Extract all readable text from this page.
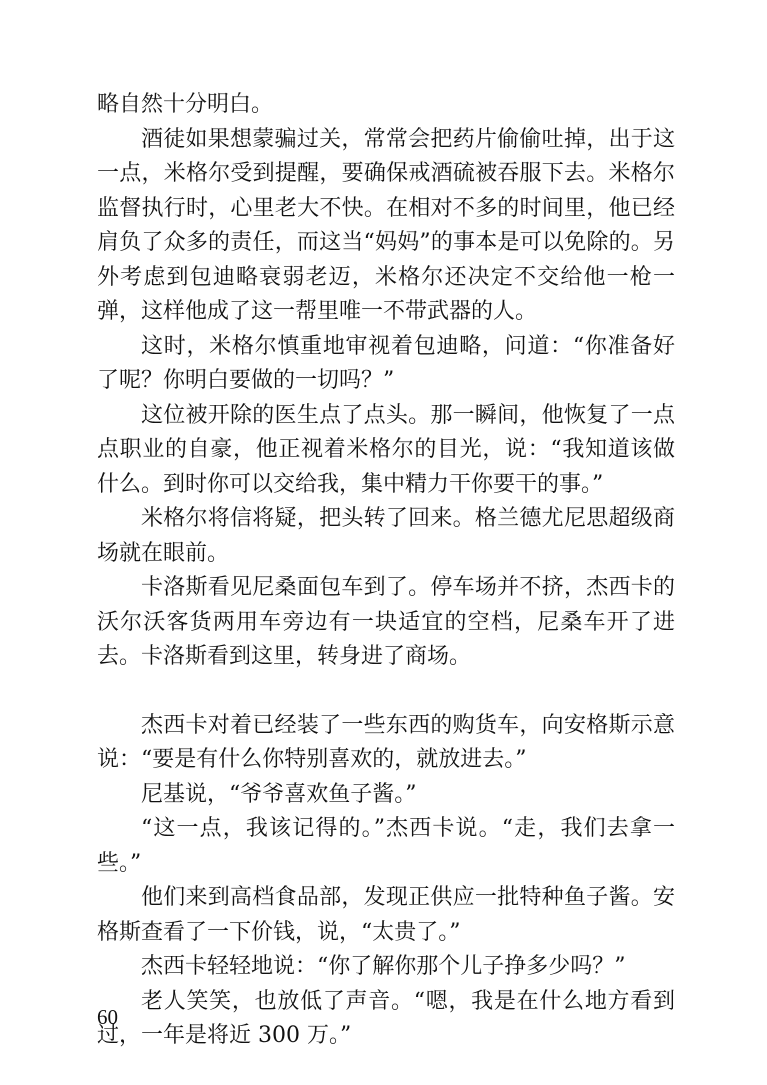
略自然十分明白。

酒徒如果想蒙骗过关，常常会把药片偷偷吐掉，出于这一点，米格尔受到提醒，要确保戒酒硫被吞服下去。米格尔监督执行时，心里老大不快。在相对不多的时间里，他已经肩负了众多的责任，而这当“妈妈”的事本是可以免除的。另外考虑到包迪略衰弱老迈，米格尔还决定不交给他一枪一弹，这样他成了这一帮里唯一不带武器的人。

这时，米格尔慎重地审视着包迪略，问道：“你准备好了呢？你明白要做的一切吗？”

这位被开除的医生点了点头。那一瞬间，他恢复了一点点职业的自豪，他正视着米格尔的目光，说：“我知道该做什么。到时你可以交给我，集中精力干你要干的事。”

米格尔将信将疑，把头转了回来。格兰德尤尼思超级商场就在眼前。

卡洛斯看见尼桑面包车到了。停车场并不挤，杰西卡的沃尔沃客货两用车旁边有一块适宜的空档，尼桑车开了进去。卡洛斯看到这里，转身进了商场。

杰西卡对着已经装了一些东西的购货车，向安格斯示意说：“要是有什么你特别喜欢的，就放进去。”

尼基说，“爷爷喜欢鱼子酱。”

“这一点，我该记得的。”杰西卡说。“走，我们去拿一些。”

他们来到高档食品部，发现正供应一批特种鱼子酱。安格斯查看了一下价钱，说，“太贵了。”

杰西卡轻轻地说：“你了解你那个儿子挣多少吗？”

老人笑笑，也放低了声音。“嗯，我是在什么地方看到过，一年是将近 300 万。”

60
